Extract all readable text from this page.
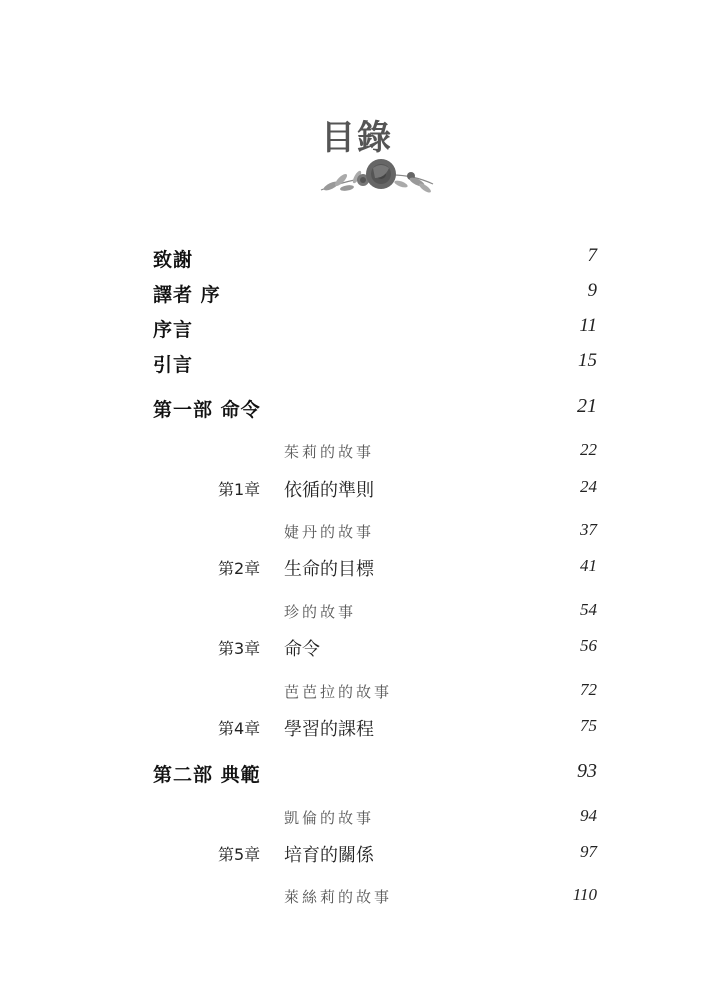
目錄
致謝	7
譯者 序	9
序言	11
引言	15
第一部 命令	21
茱莉的故事	22
第1章 依循的準則	24
婕丹的故事	37
第2章 生命的目標	41
珍的故事	54
第3章 命令	56
芭芭拉的故事	72
第4章 學習的課程	75
第二部 典範	93
凱倫的故事	94
第5章 培育的關係	97
萊絲莉的故事	110
